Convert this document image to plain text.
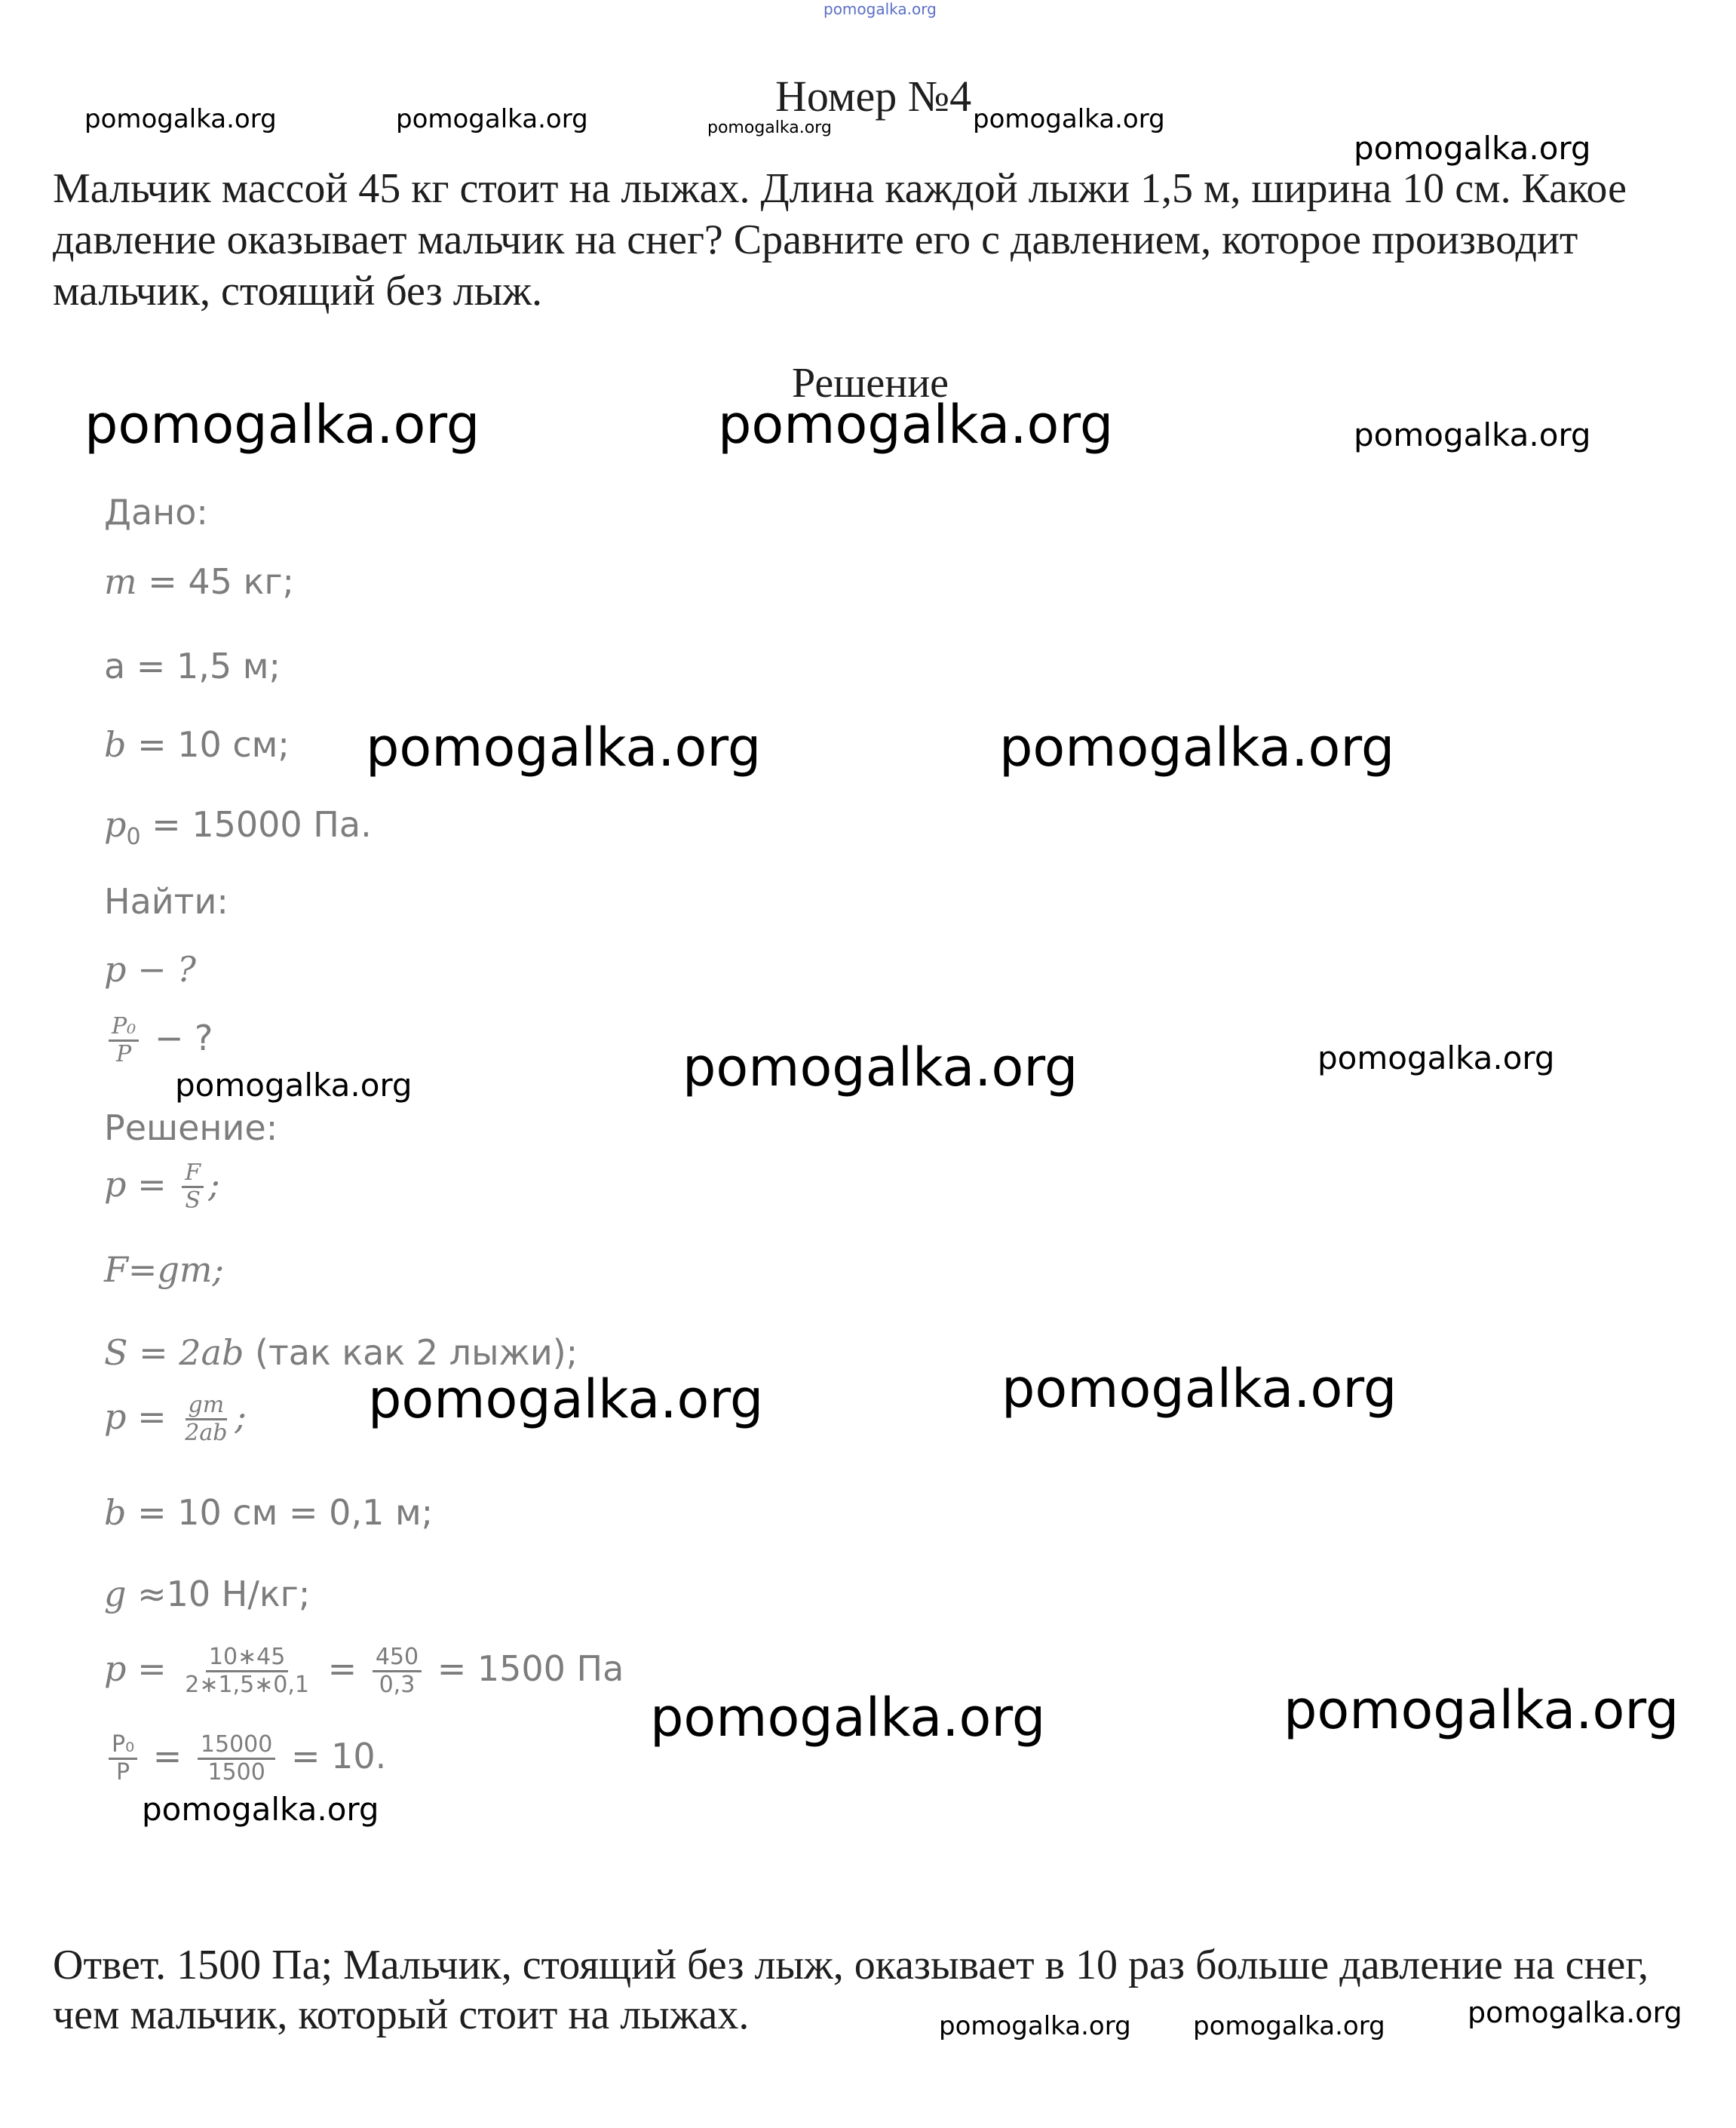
pomogalka.org
Номер №4
pomogalka.org	pomogalka.org	pomogalka.org	pomogalka.org
pomogalka.org
Мальчик массой 45 кг стоит на лыжах. Длина каждой лыжи 1,5 м, ширина 10 см. Какое давление оказывает мальчик на снег? Сравните его с давлением, которое производит мальчик, стоящий без лыж.
Решение
pomogalka.org	pomogalka.org	pomogalka.org
Дано:
m = 45 кг;
a = 1,5 м;
b = 10 см;
$p_0 = 15000$ Па.
Найти:
p − ?
$\frac{\text{P₀}}{P}$ − ?
Решение:
$p = \frac{F}{S}$ ;
F=gm;
S = 2ab (так как 2 лыжи);
$p = \frac{gm}{2ab}$ ;
b = 10 см = 0,1 м;
g ≈10 Н/кг;
$p = \frac{10∗45}{2∗1,5∗0,1} = \frac{450}{0,3} = 1500$ Па
$\frac{\text{P₀}}{P} = \frac{15000}{1500} = 10$.
pomogalka.org	pomogalka.org
pomogalka.org	pomogalka.org	pomogalka.org
pomogalka.org	pomogalka.org
pomogalka.org	pomogalka.org
pomogalka.org
Ответ. 1500 Па; Мальчик, стоящий без лыж, оказывает в 10 раз больше давление на снег, чем мальчик, который стоит на лыжах.	pomogalka.org pomogalka.org	pomogalka.org
